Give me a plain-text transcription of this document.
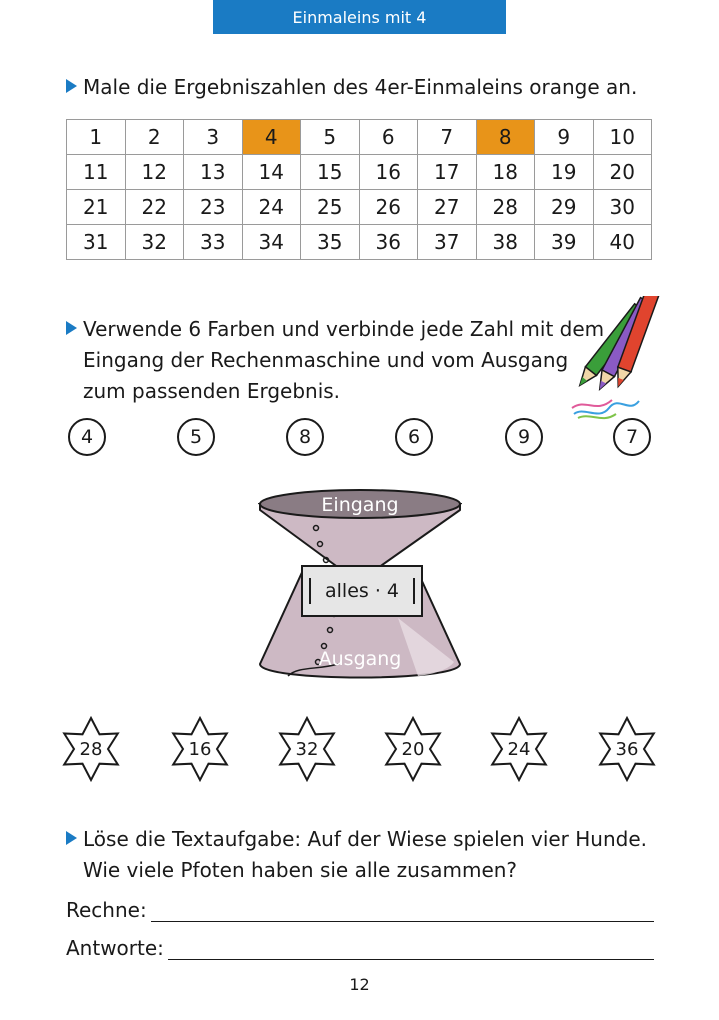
Einmaleins mit 4
Male die Ergebniszahlen des 4er-Einmaleins orange an.
1	2	3	4	5	6	7	8	9	10
11	12	13	14	15	16	17	18	19	20
21	22	23	24	25	26	27	28	29	30
31	32	33	34	35	36	37	38	39	40
Verwende 6 Farben und verbinde jede Zahl mit dem
Eingang der Rechenmaschine und vom Ausgang
zum passenden Ergebnis.
4	5	8	6	9	7
Eingang
alles · 4
Ausgang
28	16	32	20	24	36
Löse die Textaufgabe: Auf der Wiese spielen vier Hunde.
Wie viele Pfoten haben sie alle zusammen?
Rechne:
Antworte:
12
